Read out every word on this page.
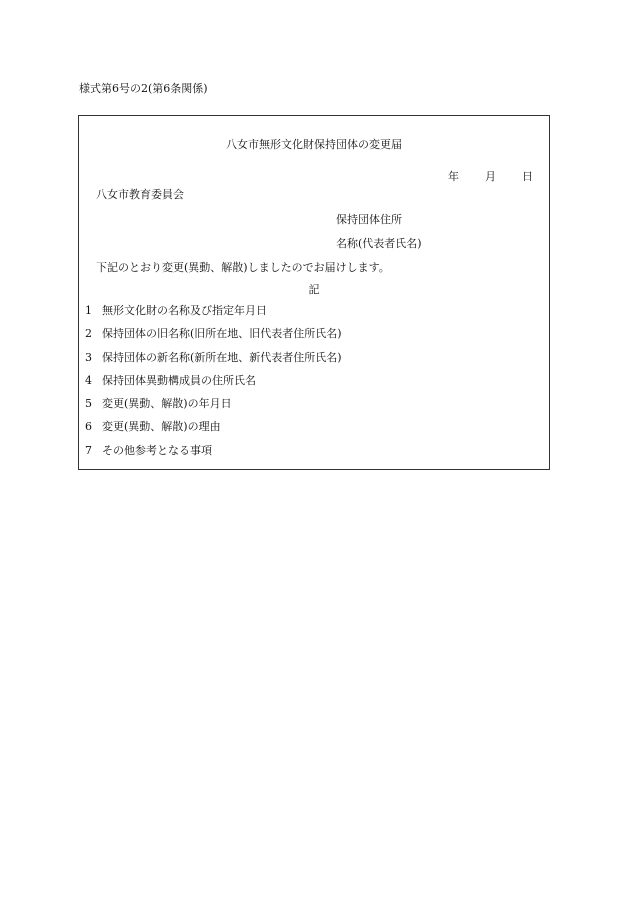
様式第6号の2(第6条関係)
八女市無形文化財保持団体の変更届
年 月 日
八女市教育委員会
保持団体住所
名称(代表者氏名)
下記のとおり変更(異動、解散)しましたのでお届けします。
記
1 無形文化財の名称及び指定年月日
2 保持団体の旧名称(旧所在地、旧代表者住所氏名)
3 保持団体の新名称(新所在地、新代表者住所氏名)
4 保持団体異動構成員の住所氏名
5 変更(異動、解散)の年月日
6 変更(異動、解散)の理由
7 その他参考となる事項
